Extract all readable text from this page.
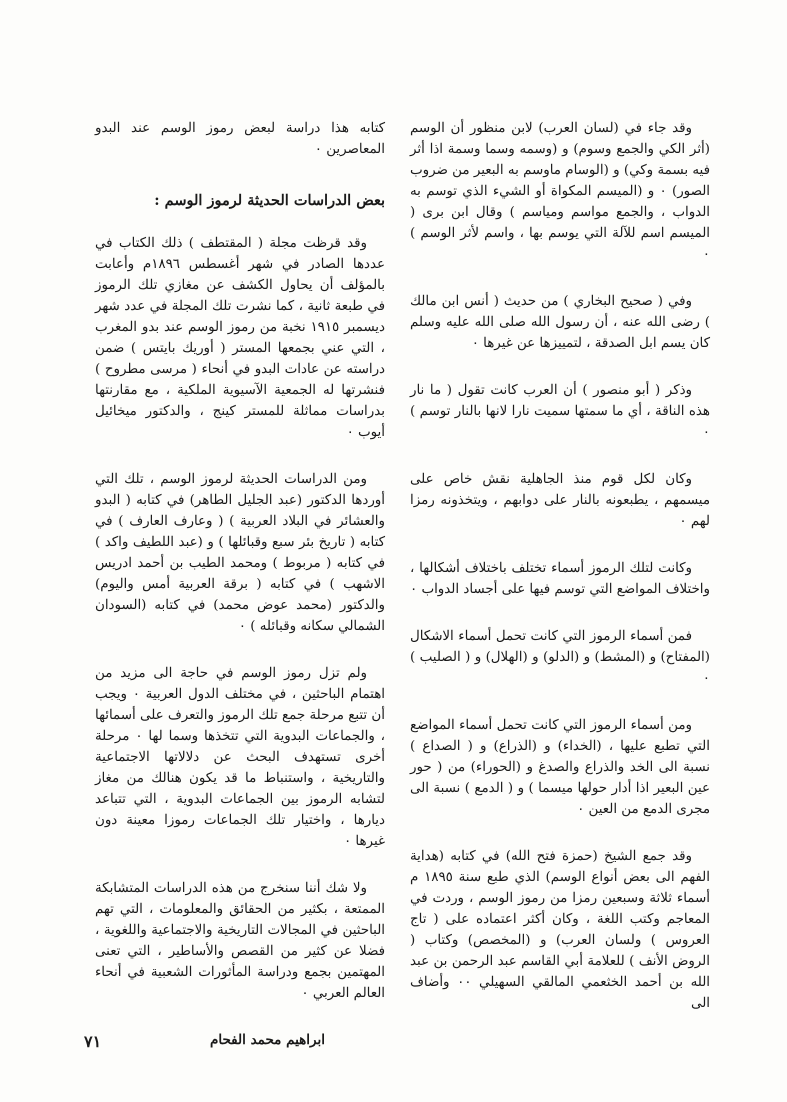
وقد جاء في (لسان العرب) لابن منظور أن الوسم (أثر الكي والجمع وسوم) و (وسمه وسما وسمة اذا أثر فيه بسمة وكي) و (الوسام ماوسم به البعير من ضروب الصور) ٠ و (الميسم المكواة أو الشيء الذي توسم به الدواب ، والجمع مواسم ومياسم ) وقال ابن برى ( الميسم اسم للآلة التي يوسم بها ، واسم لأثر الوسم ) ٠

وفي ( صحيح البخاري ) من حديث ( أنس ابن مالك ) رضى الله عنه ، أن رسول الله صلى الله عليه وسلم كان يسم ابل الصدقة ، لتمييزها عن غيرها ٠

وذكر ( أبو منصور ) أن العرب كانت تقول ( ما نار هذه الناقة ، أي ما سمتها سميت نارا لانها بالنار توسم ) ٠

وكان لكل قوم منذ الجاهلية نقش خاص على ميسمهم ، يطبعونه بالنار على دوابهم ، ويتخذونه رمزا لهم ٠

وكانت لتلك الرموز أسماء تختلف باختلاف أشكالها ، واختلاف المواضع التي توسم فيها على أجساد الدواب ٠

فمن أسماء الرموز التي كانت تحمل أسماء الاشكال (المفتاح) و (المشط) و (الدلو) و (الهلال) و ( الصليب ) ٠

ومن أسماء الرموز التي كانت تحمل أسماء المواضع التي تطبع عليها ، (الخداء) و (الذراع) و ( الصداع ) نسبة الى الخد والذراع والصدغ و (الحوراء) من ( حور عين البعير اذا أدار حولها ميسما ) و ( الدمع ) نسبة الى مجرى الدمع من العين ٠

وقد جمع الشيخ (حمزة فتح الله) في كتابه (هداية الفهم الى بعض أنواع الوسم) الذي طبع سنة ١٨٩٥ م أسماء ثلاثة وسبعين رمزا من رموز الوسم ، وردت في المعاجم وكتب اللغة ، وكان أكثر اعتماده على ( تاج العروس ) ولسان العرب) و (المخصص) وكتاب ( الروض الأنف ) للعلامة أبي القاسم عبد الرحمن بن عبد الله بن أحمد الخثعمي المالقي السهيلي ٠٠ وأضاف الى

كتابه هذا دراسة لبعض رموز الوسم عند البدو المعاصرين ٠

بعض الدراسات الحديثة لرموز الوسم :

وقد قرظت مجلة ( المقتطف ) ذلك الكتاب في عددها الصادر في شهر أغسطس ١٨٩٦م وأعابت بالمؤلف أن يحاول الكشف عن مغازي تلك الرموز في طبعة ثانية ، كما نشرت تلك المجلة في عدد شهر ديسمبر ١٩١٥ نخبة من رموز الوسم عند بدو المغرب ، التي عني بجمعها المستر ( أوريك بايتس ) ضمن دراسته عن عادات البدو في أنحاء ( مرسى مطروح ) فنشرتها له الجمعية الآسيوية الملكية ، مع مقارنتها بدراسات مماثلة للمستر كينج ، والدكتور ميخائيل أيوب ٠

ومن الدراسات الحديثة لرموز الوسم ، تلك التي أوردها الدكتور (عبد الجليل الطاهر) في كتابه ( البدو والعشائر في البلاد العربية ) ( وعارف العارف ) في كتابه ( تاريخ بئر سبع وقبائلها ) و (عبد اللطيف واكد ) في كتابه ( مربوط ) ومحمد الطيب بن أحمد ادريس الاشهب ) في كتابه ( برقة العربية أمس واليوم) والدكتور (محمد عوض محمد) في كتابه (السودان الشمالي سكانه وقبائله ) ٠

ولم تزل رموز الوسم في حاجة الى مزيد من اهتمام الباحثين ، في مختلف الدول العربية ٠ ويجب أن تتبع مرحلة جمع تلك الرموز والتعرف على أسمائها ، والجماعات البدوية التي تتخذها وسما لها ٠ مرحلة أخرى تستهدف البحث عن دلالاتها الاجتماعية والتاريخية ، واستنباط ما قد يكون هنالك من مغاز لتشابه الرموز بين الجماعات البدوية ، التي تتباعد ديارها ، واختيار تلك الجماعات رموزا معينة دون غيرها ٠

ولا شك أننا سنخرج من هذه الدراسات المتشابكة الممتعة ، بكثير من الحقائق والمعلومات ، التي تهم الباحثين في المجالات التاريخية والاجتماعية واللغوية ، فضلا عن كثير من القصص والأساطير ، التي تعنى المهتمين بجمع ودراسة المأثورات الشعبية في أنحاء العالم العربي ٠

ابراهيم محمد الفحام

٧١
